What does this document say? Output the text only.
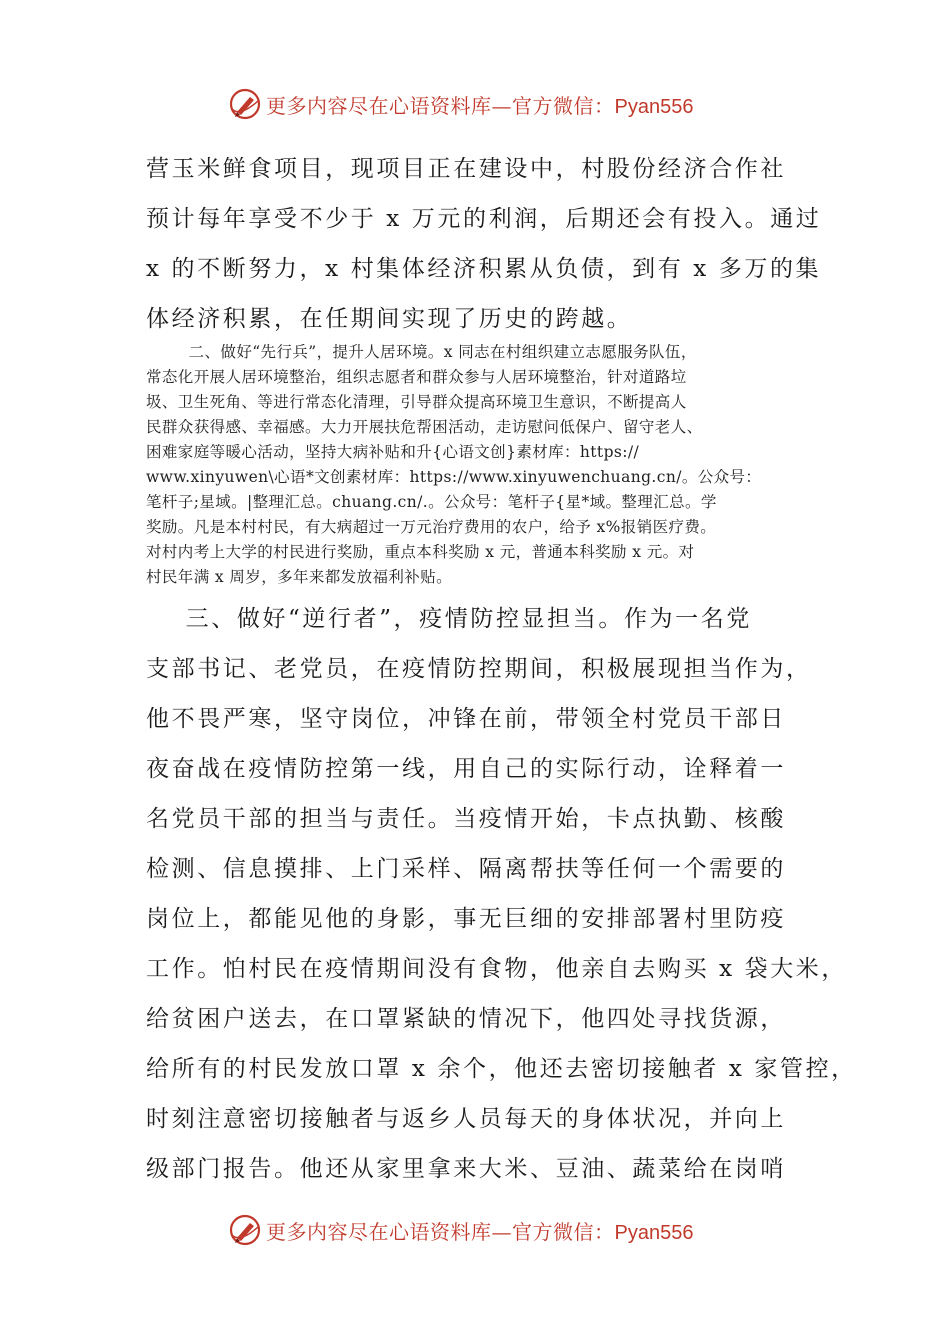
更多内容尽在心语资料库—官方微信：Pyan556
营玉米鲜食项目，现项目正在建设中，村股份经济合作社
预计每年享受不少于 x 万元的利润，后期还会有投入。通过
x 的不断努力，x 村集体经济积累从负债，到有 x 多万的集
体经济积累，在任期间实现了历史的跨越。
二、做好“先行兵”，提升人居环境。x 同志在村组织建立志愿服务队伍，
常态化开展人居环境整治，组织志愿者和群众参与人居环境整治，针对道路垃
圾、卫生死角、等进行常态化清理，引导群众提高环境卫生意识，不断提高人
民群众获得感、幸福感。大力开展扶危帮困活动，走访慰问低保户、留守老人、
困难家庭等暖心活动，坚持大病补贴和升{心语文创}素材库：https://
www.xinyuwen\心语*文创素材库：https://www.xinyuwenchuang.cn/。公众号：
笔杆子;星域。|整理汇总。chuang.cn/.。公众号：笔杆子{星*域。整理汇总。学
奖励。凡是本村村民，有大病超过一万元治疗费用的农户，给予 x%报销医疗费。
对村内考上大学的村民进行奖励，重点本科奖励 x 元，普通本科奖励 x 元。对
村民年满 x 周岁，多年来都发放福利补贴。
三、做好“逆行者”，疫情防控显担当。作为一名党
支部书记、老党员，在疫情防控期间，积极展现担当作为，
他不畏严寒，坚守岗位，冲锋在前，带领全村党员干部日
夜奋战在疫情防控第一线，用自己的实际行动，诠释着一
名党员干部的担当与责任。当疫情开始，卡点执勤、核酸
检测、信息摸排、上门采样、隔离帮扶等任何一个需要的
岗位上，都能见他的身影，事无巨细的安排部署村里防疫
工作。怕村民在疫情期间没有食物，他亲自去购买 x 袋大米，
给贫困户送去，在口罩紧缺的情况下，他四处寻找货源，
给所有的村民发放口罩 x 余个，他还去密切接触者 x 家管控，
时刻注意密切接触者与返乡人员每天的身体状况，并向上
级部门报告。他还从家里拿来大米、豆油、蔬菜给在岗哨
更多内容尽在心语资料库—官方微信：Pyan556
